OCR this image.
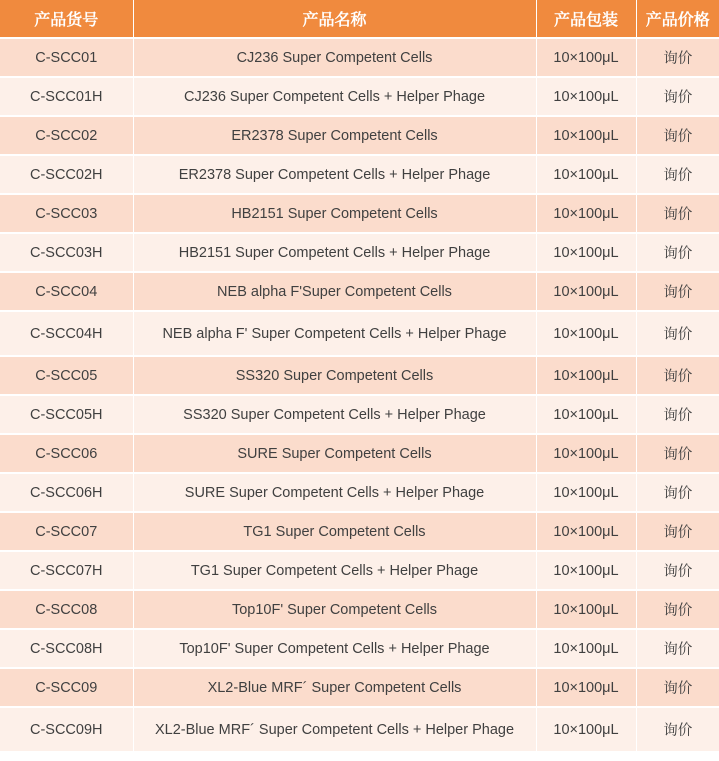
产品货号	产品名称	产品包装	产品价格
C-SCC01	CJ236 Super Competent Cells	10×100μL	询价
C-SCC01H	CJ236 Super Competent Cells + Helper Phage	10×100μL	询价
C-SCC02	ER2378 Super Competent Cells	10×100μL	询价
C-SCC02H	ER2378 Super Competent Cells + Helper Phage	10×100μL	询价
C-SCC03	HB2151 Super Competent Cells	10×100μL	询价
C-SCC03H	HB2151 Super Competent Cells + Helper Phage	10×100μL	询价
C-SCC04	NEB alpha F'Super Competent Cells	10×100μL	询价
C-SCC04H	NEB alpha F' Super Competent Cells + Helper Phage	10×100μL	询价
C-SCC05	SS320 Super Competent Cells	10×100μL	询价
C-SCC05H	SS320 Super Competent Cells + Helper Phage	10×100μL	询价
C-SCC06	SURE Super Competent Cells	10×100μL	询价
C-SCC06H	SURE Super Competent Cells + Helper Phage	10×100μL	询价
C-SCC07	TG1 Super Competent Cells	10×100μL	询价
C-SCC07H	TG1 Super Competent Cells + Helper Phage	10×100μL	询价
C-SCC08	Top10F' Super Competent Cells	10×100μL	询价
C-SCC08H	Top10F' Super Competent Cells + Helper Phage	10×100μL	询价
C-SCC09	XL2-Blue MRF´ Super Competent Cells	10×100μL	询价
C-SCC09H	XL2-Blue MRF´ Super Competent Cells + Helper Phage	10×100μL	询价
